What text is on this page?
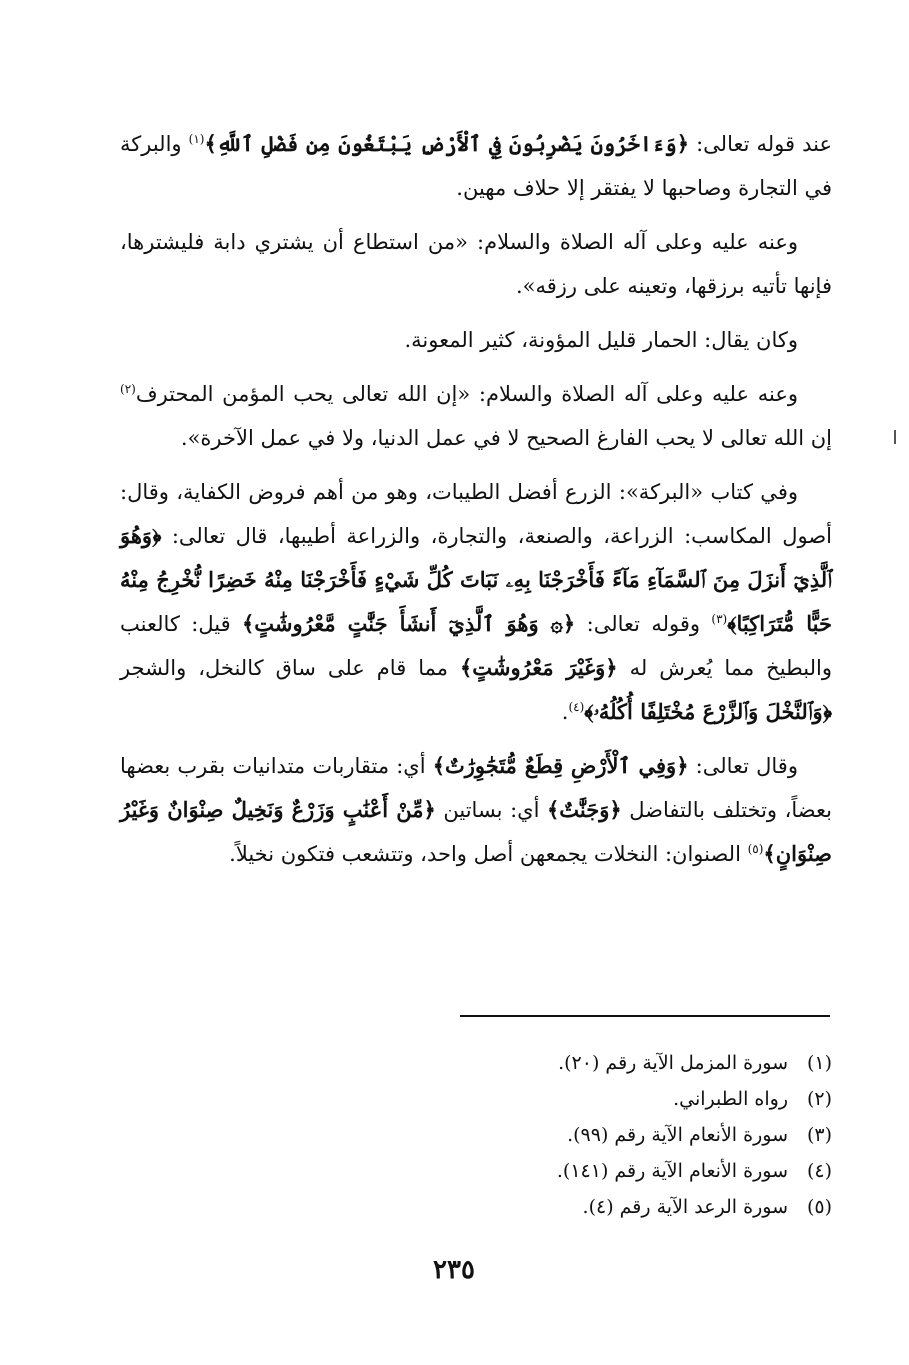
عند قوله تعالى: ﴿وَءَاخَرُونَ يَضْرِبُونَ فِي ٱلْأَرْضِ يَبْتَغُونَ مِن فَضْلِ ٱللَّهِ﴾$^{(١)}$ والبركة في التجارة وصاحبها لا يفتقر إلا حلاف مهين.

وعنه عليه وعلى آله الصلاة والسلام: «من استطاع أن يشتري دابة فليشترها، فإنها تأتيه برزقها، وتعينه على رزقه».

وكان يقال: الحمار قليل المؤونة، كثير المعونة.

وعنه عليه وعلى آله الصلاة والسلام: «إن الله تعالى يحب المؤمن المحترف$^{(٢)}$ إن الله تعالى لا يحب الفارغ الصحيح لا في عمل الدنيا، ولا في عمل الآخرة».

وفي كتاب «البركة»: الزرع أفضل الطيبات، وهو من أهم فروض الكفاية، وقال: أصول المكاسب: الزراعة، والصنعة، والتجارة، والزراعة أطيبها، قال تعالى: ﴿وَهُوَ ٱلَّذِيٓ أَنزَلَ مِنَ ٱلسَّمَآءِ مَآءً فَأَخْرَجْنَا بِهِۦ نَبَاتَ كُلِّ شَيْءٍ فَأَخْرَجْنَا مِنْهُ خَضِرًا نُّخْرِجُ مِنْهُ حَبًّا مُّتَرَاكِبًا﴾$^{(٣)}$ وقوله تعالى: ﴿۞ وَهُوَ ٱلَّذِيٓ أَنشَأَ جَنَّٰتٍ مَّعْرُوشَٰتٍ﴾ قيل: كالعنب والبطيخ مما يُعرش له ﴿وَغَيْرَ مَعْرُوشَٰتٍ﴾ مما قام على ساق كالنخل، والشجر ﴿وَٱلنَّخْلَ وَٱلزَّرْعَ مُخْتَلِفًا أُكُلُهُۥ﴾$^{(٤)}$.

وقال تعالى: ﴿وَفِي ٱلْأَرْضِ قِطَعٌ مُّتَجَٰوِرَٰتٌ﴾ أي: متقاربات متدانيات بقرب بعضها بعضاً، وتختلف بالتفاضل ﴿وَجَنَّٰتٌ﴾ أي: بساتين ﴿مِّنْ أَعْنَٰبٍ وَزَرْعٌ وَنَخِيلٌ صِنْوَانٌ وَغَيْرُ صِنْوَانٍ﴾$^{(٥)}$ الصنوان: النخلات يجمعهن أصل واحد، وتتشعب فتكون نخيلاً.

(١)سورة المزمل الآية رقم (٢٠).
(٢)رواه الطبراني.
(٣)سورة الأنعام الآية رقم (٩٩).
(٤)سورة الأنعام الآية رقم (١٤١).
(٥)سورة الرعد الآية رقم (٤).
٢٣٥
